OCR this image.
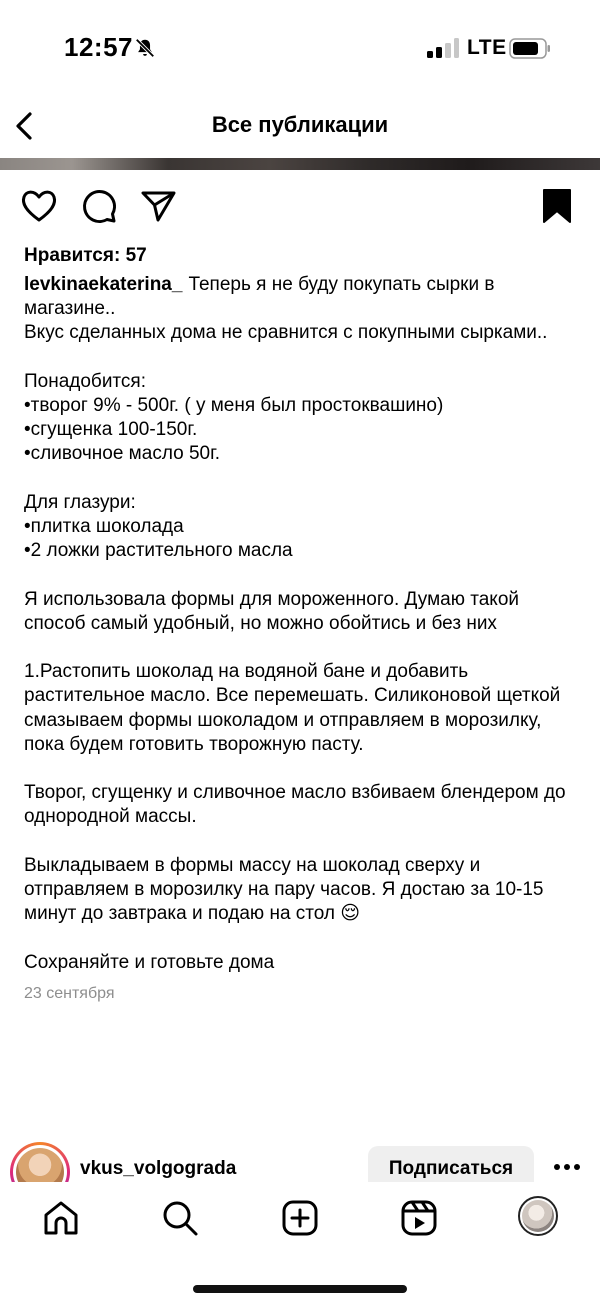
12:57	LTE
Все публикации
Нравится: 57
levkinaekaterina_ Теперь я не буду покупать сырки в магазине..
Вкус сделанных дома не сравнится с покупными сырками..

Понадобится:
•творог 9% - 500г. ( у меня был простоквашино)
•сгущенка 100-150г.
•сливочное масло 50г.

Для глазури:
•плитка шоколада
•2 ложки растительного масла

Я использовала формы для мороженного. Думаю такой способ самый удобный, но можно обойтись и без них

1.Растопить шоколад на водяной бане и добавить растительное масло. Все перемешать. Силиконовой щеткой смазываем формы шоколадом и отправляем в морозилку, пока будем готовить творожную пасту.

Творог, сгущенку и сливочное масло взбиваем блендером до однородной массы.

Выкладываем в формы массу на шоколад сверху и отправляем в морозилку на пару часов. Я достаю за 10-15 минут до завтрака и подаю на стол 😌

Сохраняйте и готовьте дома
23 сентября
vkus_volgograda	Подписаться
